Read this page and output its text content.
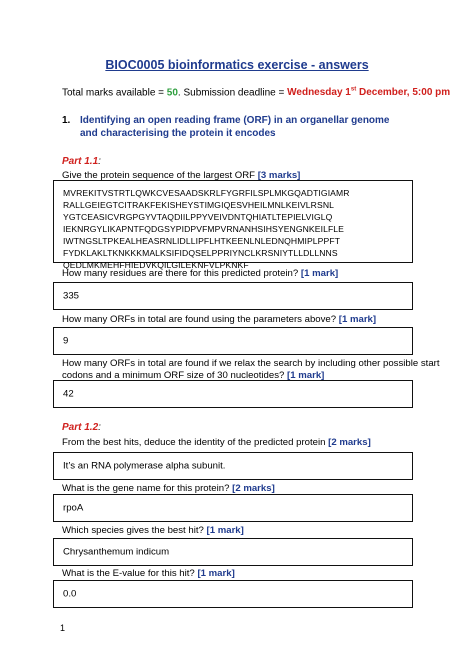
BIOC0005 bioinformatics exercise - answers
Total marks available = 50. Submission deadline = Wednesday 1st December, 5:00 pm
1. Identifying an open reading frame (ORF) in an organellar genome and characterising the protein it encodes
Part 1.1:
Give the protein sequence of the largest ORF [3 marks]
MVREKITVSTRTLQWKCVESAADSKRLFYGRFILSPLMKGQADTIGIAMR
RALLGEIEGTCITRAKFEKISHEYSTIMGIQESVHEILMNLKEIVLRSNL
YGTCEASICVRGPGYVTAQDIILPPYVEIVDNTQHIATLTEPIELVIGLQ
IEKNRGYLIKAPNTFQDGSYPIDPVFMPVRNANHSIHSYENGNKEILFLE
IWTNGSLTPKEALHEASRNLIDLLIPFLHTKEENLNLEDNQHMIPLPPFT
FYDKLAKLTKNKKKMALKSIFIDQSELPPRIYNCLKRSNIYTLLDLLNNS
QEDLMKMEHFHIEDVKQILGILEKNFVLPKNKF
How many residues are there for this predicted protein? [1 mark]
335
How many ORFs in total are found using the parameters above? [1 mark]
9
How many ORFs in total are found if we relax the search by including other possible start
codons and a minimum ORF size of 30 nucleotides? [1 mark]
42
Part 1.2:
From the best hits, deduce the identity of the predicted protein [2 marks]
It’s an RNA polymerase alpha subunit.
What is the gene name for this protein? [2 marks]
rpoA
Which species gives the best hit? [1 mark]
Chrysanthemum indicum
What is the E-value for this hit? [1 mark]
0.0
1
